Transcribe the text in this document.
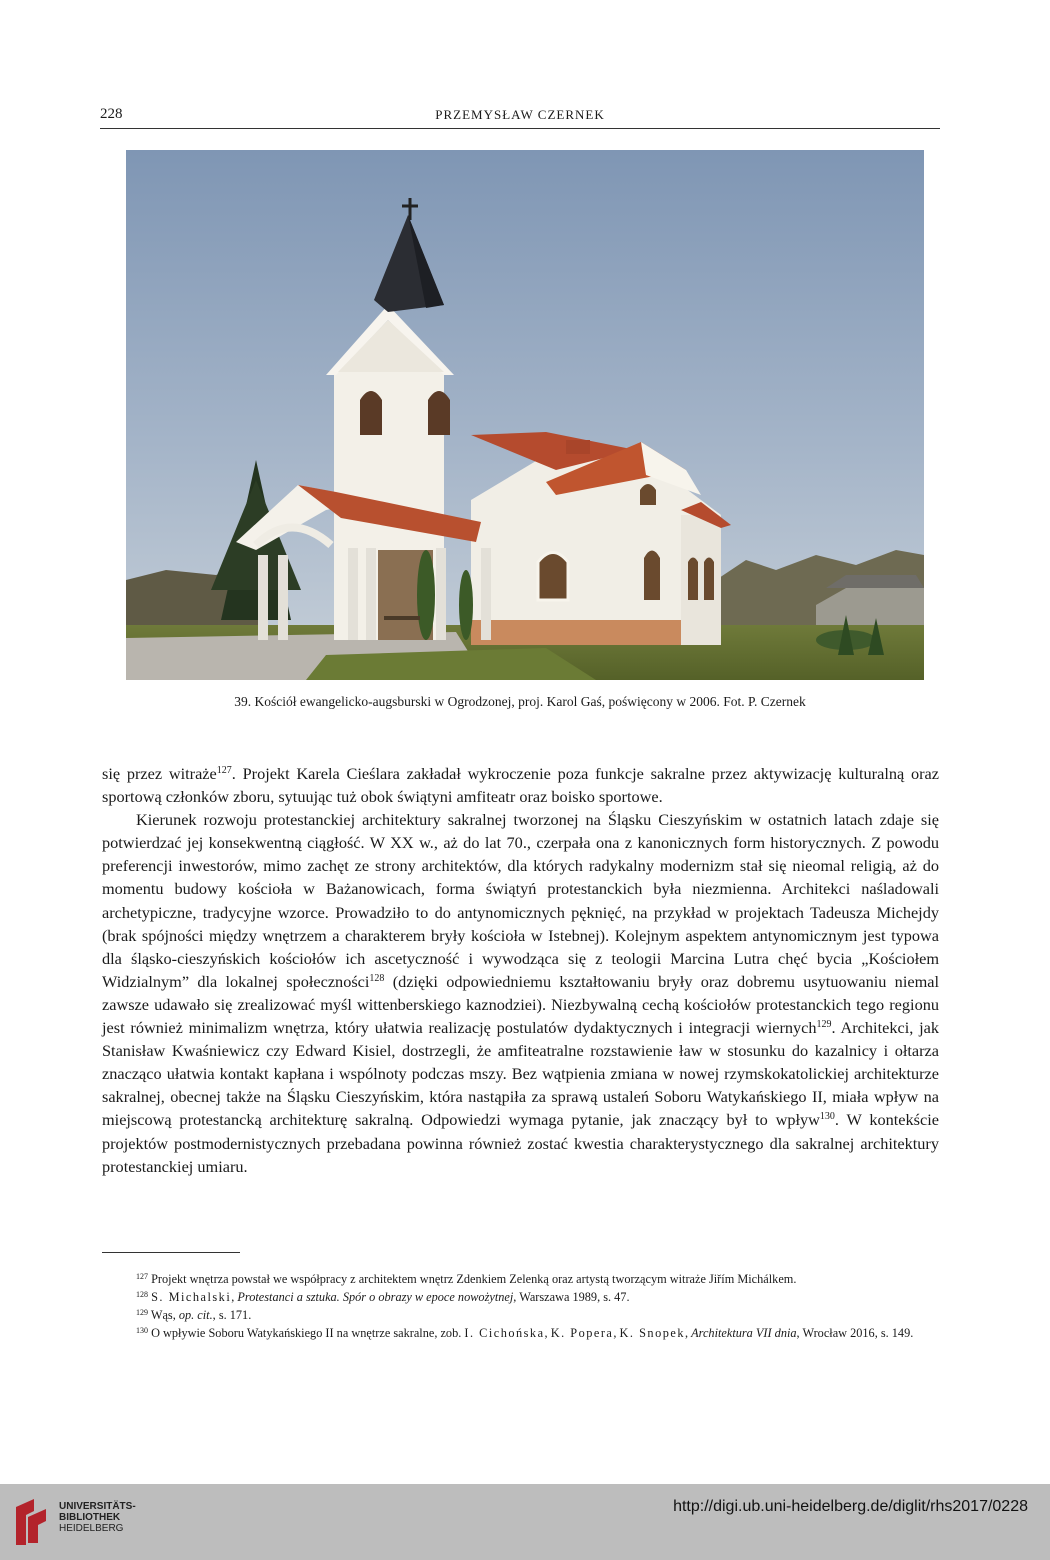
228	PRZEMYSŁAW CZERNEK
39. Kościół ewangelicko-augsburski w Ogrodzonej, proj. Karol Gaś, poświęcony w 2006. Fot. P. Czernek

się przez witraże$^{127}$. Projekt Karela Cieślara zakładał wykroczenie poza funkcje sakralne przez aktywizację kulturalną oraz sportową członków zboru, sytuując tuż obok świątyni amfiteatr oraz boisko sportowe.

Kierunek rozwoju protestanckiej architektury sakralnej tworzonej na Śląsku Cieszyńskim w ostatnich latach zdaje się potwierdzać jej konsekwentną ciągłość. W XX w., aż do lat 70., czerpała ona z kanonicznych form historycznych. Z powodu preferencji inwestorów, mimo zachęt ze strony architektów, dla których radykalny modernizm stał się nieomal religią, aż do momentu budowy kościoła w Bażanowicach, forma świątyń protestanckich była niezmienna. Architekci naśladowali archetypiczne, tradycyjne wzorce. Prowadziło to do antynomicznych pęknięć, na przykład w projektach Tadeusza Michejdy (brak spójności między wnętrzem a charakterem bryły kościoła w Istebnej). Kolejnym aspektem antynomicznym jest typowa dla śląsko-cieszyńskich kościołów ich ascetyczność i wywodząca się z teologii Marcina Lutra chęć bycia „Kościołem Widzialnym” dla lokalnej społeczności$^{128}$ (dzięki odpowiedniemu kształtowaniu bryły oraz dobremu usytuowaniu niemal zawsze udawało się zrealizować myśl wittenberskiego kaznodziei). Niezbywalną cechą kościołów protestanckich tego regionu jest również minimalizm wnętrza, który ułatwia realizację postulatów dydaktycznych i integracji wiernych$^{129}$. Architekci, jak Stanisław Kwaśniewicz czy Edward Kisiel, dostrzegli, że amfiteatralne rozstawienie ław w stosunku do kazalnicy i ołtarza znacząco ułatwia kontakt kapłana i wspólnoty podczas mszy. Bez wątpienia zmiana w nowej rzymskokatolickiej architekturze sakralnej, obecnej także na Śląsku Cieszyńskim, która nastąpiła za sprawą ustaleń Soboru Watykańskiego II, miała wpływ na miejscową protestancką architekturę sakralną. Odpowiedzi wymaga pytanie, jak znaczący był to wpływ$^{130}$. W kontekście projektów postmodernistycznych przebadana powinna również zostać kwestia charakterystycznego dla sakralnej architektury protestanckiej umiaru.

$^{127}$ Projekt wnętrza powstał we współpracy z architektem wnętrz Zdenkiem Zelenką oraz artystą tworzącym witraże Jiřím Michálkem.

$^{128}$ S. Michalski, Protestanci a sztuka. Spór o obrazy w epoce nowożytnej, Warszawa 1989, s. 47.

$^{129}$ Wąs, op. cit., s. 171.

$^{130}$ O wpływie Soboru Watykańskiego II na wnętrze sakralne, zob. I. Cichońska, K. Popera, K. Snopek, Architektura VII dnia, Wrocław 2016, s. 149.

UNIVERSITÄTS-
BIBLIOTHEK
HEIDELBERG
http://digi.ub.uni-heidelberg.de/diglit/rhs2017/0228
